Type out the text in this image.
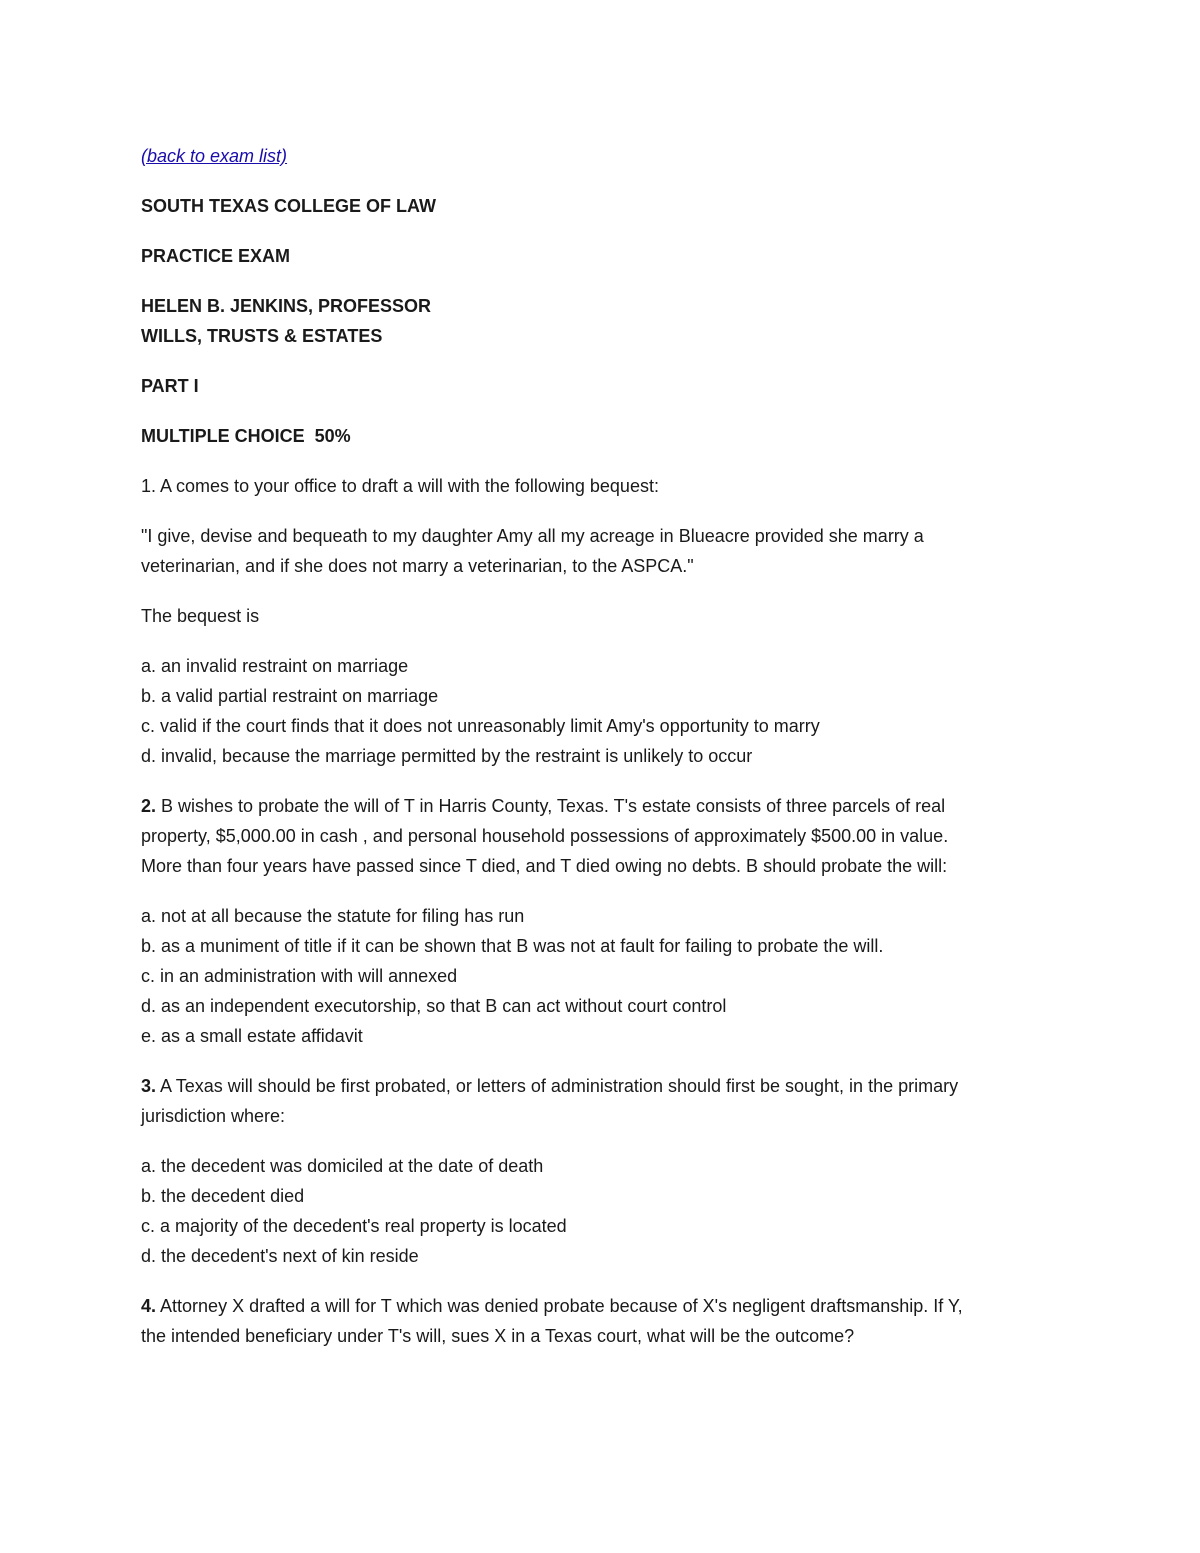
(back to exam list)
SOUTH TEXAS COLLEGE OF LAW
PRACTICE EXAM
HELEN B. JENKINS, PROFESSOR
WILLS, TRUSTS & ESTATES
PART I
MULTIPLE CHOICE  50%
1. A comes to your office to draft a will with the following bequest:
"I give, devise and bequeath to my daughter Amy all my acreage in Blueacre provided she marry a
veterinarian, and if she does not marry a veterinarian, to the ASPCA."
The bequest is
a. an invalid restraint on marriage
b. a valid partial restraint on marriage
c. valid if the court finds that it does not unreasonably limit Amy's opportunity to marry
d. invalid, because the marriage permitted by the restraint is unlikely to occur
2. B wishes to probate the will of T in Harris County, Texas. T's estate consists of three parcels of real
property, $5,000.00 in cash , and personal household possessions of approximately $500.00 in value.
More than four years have passed since T died, and T died owing no debts. B should probate the will:
a. not at all because the statute for filing has run
b. as a muniment of title if it can be shown that B was not at fault for failing to probate the will.
c. in an administration with will annexed
d. as an independent executorship, so that B can act without court control
e. as a small estate affidavit
3. A Texas will should be first probated, or letters of administration should first be sought, in the primary
jurisdiction where:
a. the decedent was domiciled at the date of death
b. the decedent died
c. a majority of the decedent's real property is located
d. the decedent's next of kin reside
4. Attorney X drafted a will for T which was denied probate because of X's negligent draftsmanship. If Y,
the intended beneficiary under T's will, sues X in a Texas court, what will be the outcome?
